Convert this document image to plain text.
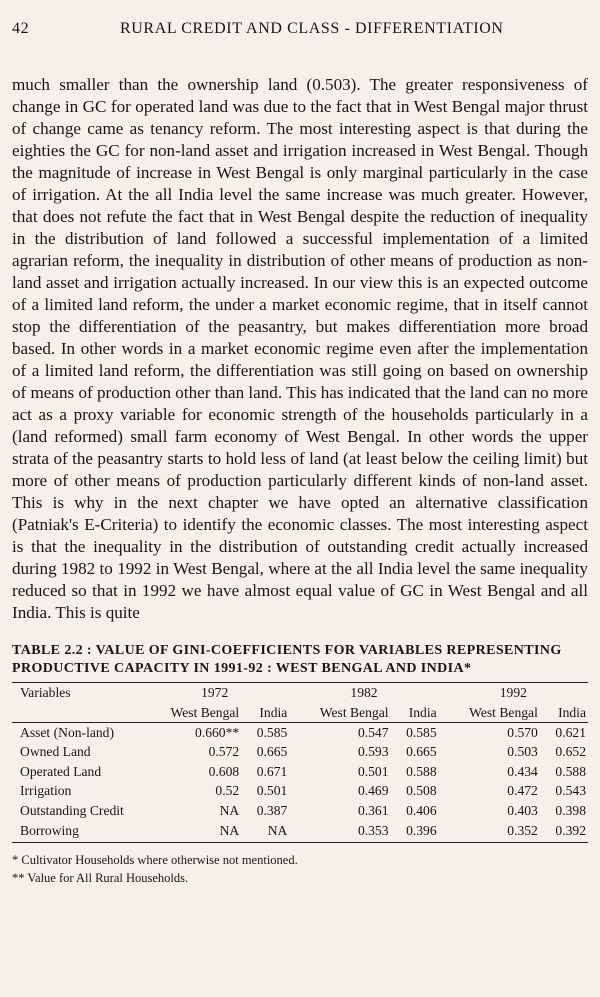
42	RURAL CREDIT AND CLASS - DIFFERENTIATION

much smaller than the ownership land (0.503). The greater responsiveness of change in GC for operated land was due to the fact that in West Bengal major thrust of change came as tenancy reform. The most interesting aspect is that during the eighties the GC for non-land asset and irrigation increased in West Bengal. Though the magnitude of increase in West Bengal is only marginal particularly in the case of irrigation. At the all India level the same increase was much greater. However, that does not refute the fact that in West Bengal despite the reduction of inequality in the distribution of land followed a successful implementation of a limited agrarian reform, the inequality in distribution of other means of production as non-land asset and irrigation actually increased. In our view this is an expected outcome of a limited land reform, the under a market economic regime, that in itself cannot stop the differentiation of the peasantry, but makes differentiation more broad based. In other words in a market economic regime even after the implementation of a limited land reform, the differentiation was still going on based on ownership of means of production other than land. This has indicated that the land can no more act as a proxy variable for economic strength of the households particularly in a (land reformed) small farm economy of West Bengal. In other words the upper strata of the peasantry starts to hold less of land (at least below the ceiling limit) but more of other means of production particularly different kinds of non-land asset. This is why in the next chapter we have opted an alternative classification (Patniak's E-Criteria) to identify the economic classes. The most interesting aspect is that the inequality in the distribution of outstanding credit actually increased during 1982 to 1992 in West Bengal, where at the all India level the same inequality reduced so that in 1992 we have almost equal value of GC in West Bengal and all India. This is quite

TABLE 2.2 : VALUE OF GINI-COEFFICIENTS FOR VARIABLES REPRESENTING PRODUCTIVE CAPACITY IN 1991-92 : WEST BENGAL AND INDIA*
Variables	1972		1982		1992	
	West Bengal	India	West Bengal	India	West Bengal	India
Asset (Non-land)	0.660**	0.585	0.547	0.585	0.570	0.621
Owned Land	0.572	0.665	0.593	0.665	0.503	0.652
Operated Land	0.608	0.671	0.501	0.588	0.434	0.588
Irrigation	0.52	0.501	0.469	0.508	0.472	0.543
Outstanding Credit	NA	0.387	0.361	0.406	0.403	0.398
Borrowing	NA	NA	0.353	0.396	0.352	0.392
* Cultivator Households where otherwise not mentioned.
** Value for All Rural Households.
